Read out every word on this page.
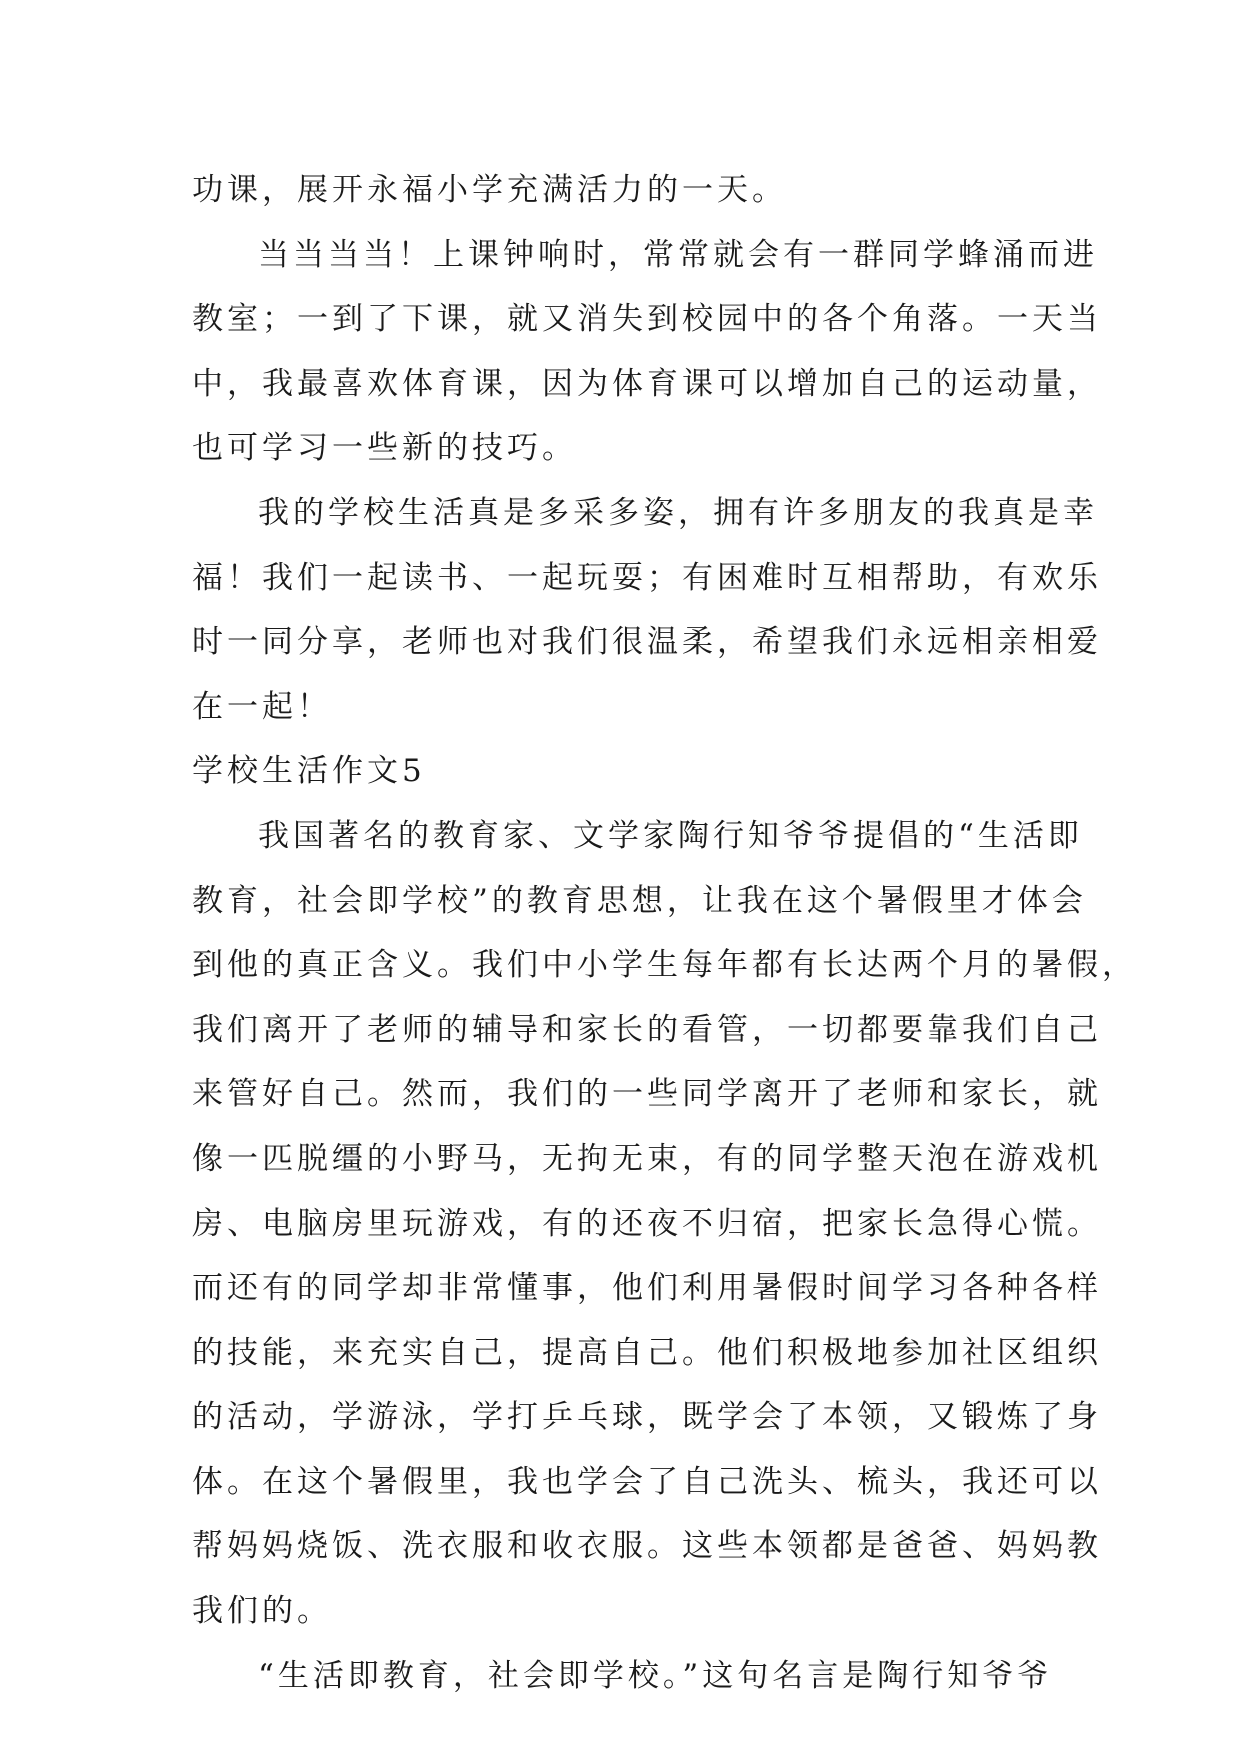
功课，展开永福小学充满活力的一天。
当当当当！上课钟响时，常常就会有一群同学蜂涌而进
教室；一到了下课，就又消失到校园中的各个角落。一天当
中，我最喜欢体育课，因为体育课可以增加自己的运动量，
也可学习一些新的技巧。
我的学校生活真是多采多姿，拥有许多朋友的我真是幸
福！我们一起读书、一起玩耍；有困难时互相帮助，有欢乐
时一同分享，老师也对我们很温柔，希望我们永远相亲相爱
在一起！
学校生活作文5
我国著名的教育家、文学家陶行知爷爷提倡的“生活即
教育，社会即学校”的教育思想，让我在这个暑假里才体会
到他的真正含义。我们中小学生每年都有长达两个月的暑假，
我们离开了老师的辅导和家长的看管，一切都要靠我们自己
来管好自己。然而，我们的一些同学离开了老师和家长，就
像一匹脱缰的小野马，无拘无束，有的同学整天泡在游戏机
房、电脑房里玩游戏，有的还夜不归宿，把家长急得心慌。
而还有的同学却非常懂事，他们利用暑假时间学习各种各样
的技能，来充实自己，提高自己。他们积极地参加社区组织
的活动，学游泳，学打乒乓球，既学会了本领，又锻炼了身
体。在这个暑假里，我也学会了自己洗头、梳头，我还可以
帮妈妈烧饭、洗衣服和收衣服。这些本领都是爸爸、妈妈教
我们的。
“生活即教育，社会即学校。”这句名言是陶行知爷爷
